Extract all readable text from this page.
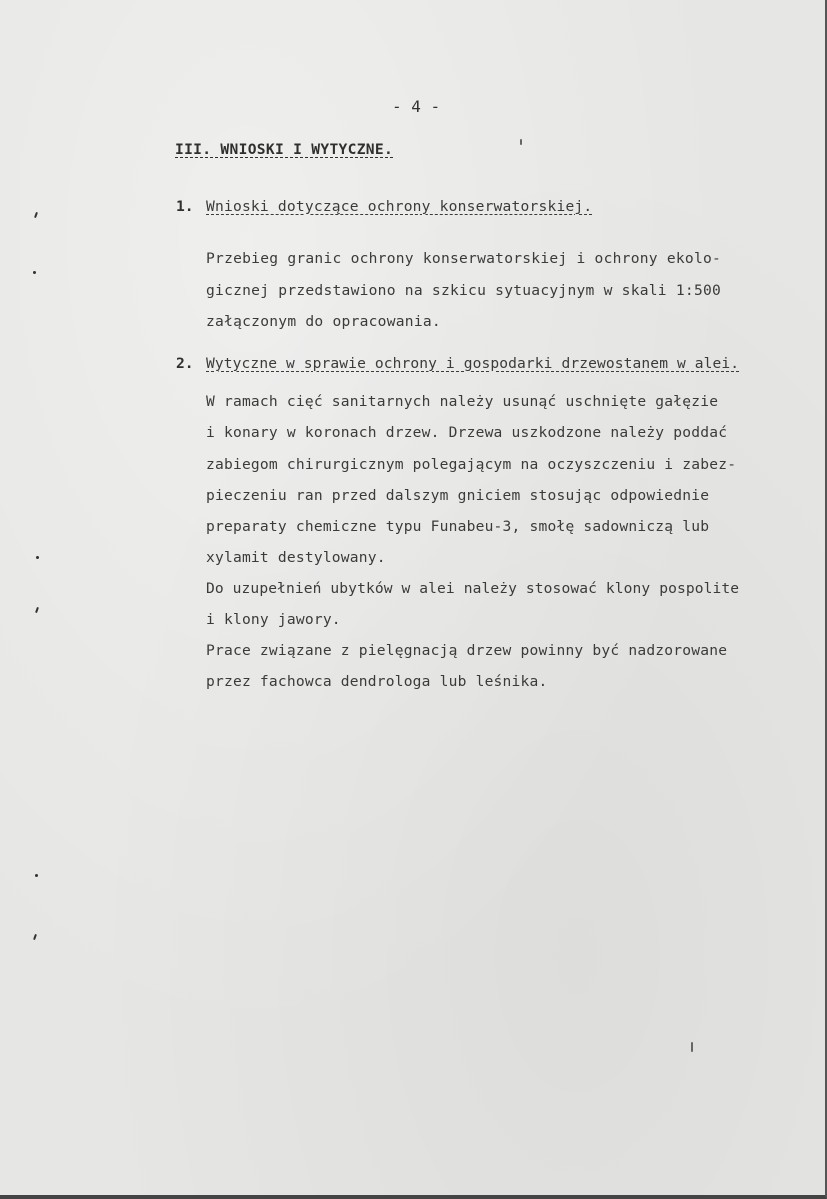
- 4 -
III. WNIOSKI I WYTYCZNE.
1. Wnioski dotyczące ochrony konserwatorskiej.
Przebieg granic ochrony konserwatorskiej i ochrony ekolo-
gicznej przedstawiono na szkicu sytuacyjnym w skali 1:500
załączonym do opracowania.
2. Wytyczne w sprawie ochrony i gospodarki drzewostanem w alei.
W ramach cięć sanitarnych należy usunąć uschnięte gałęzie
i konary w koronach drzew. Drzewa uszkodzone należy poddać
zabiegom chirurgicznym polegającym na oczyszczeniu i zabez-
pieczeniu ran przed dalszym gniciem stosując odpowiednie
preparaty chemiczne typu Funabeu-3, smołę sadowniczą lub
xylamit destylowany.
Do uzupełnień ubytków w alei należy stosować klony pospolite
i klony jawory.
Prace związane z pielęgnacją drzew powinny być nadzorowane
przez fachowca dendrologa lub leśnika.
